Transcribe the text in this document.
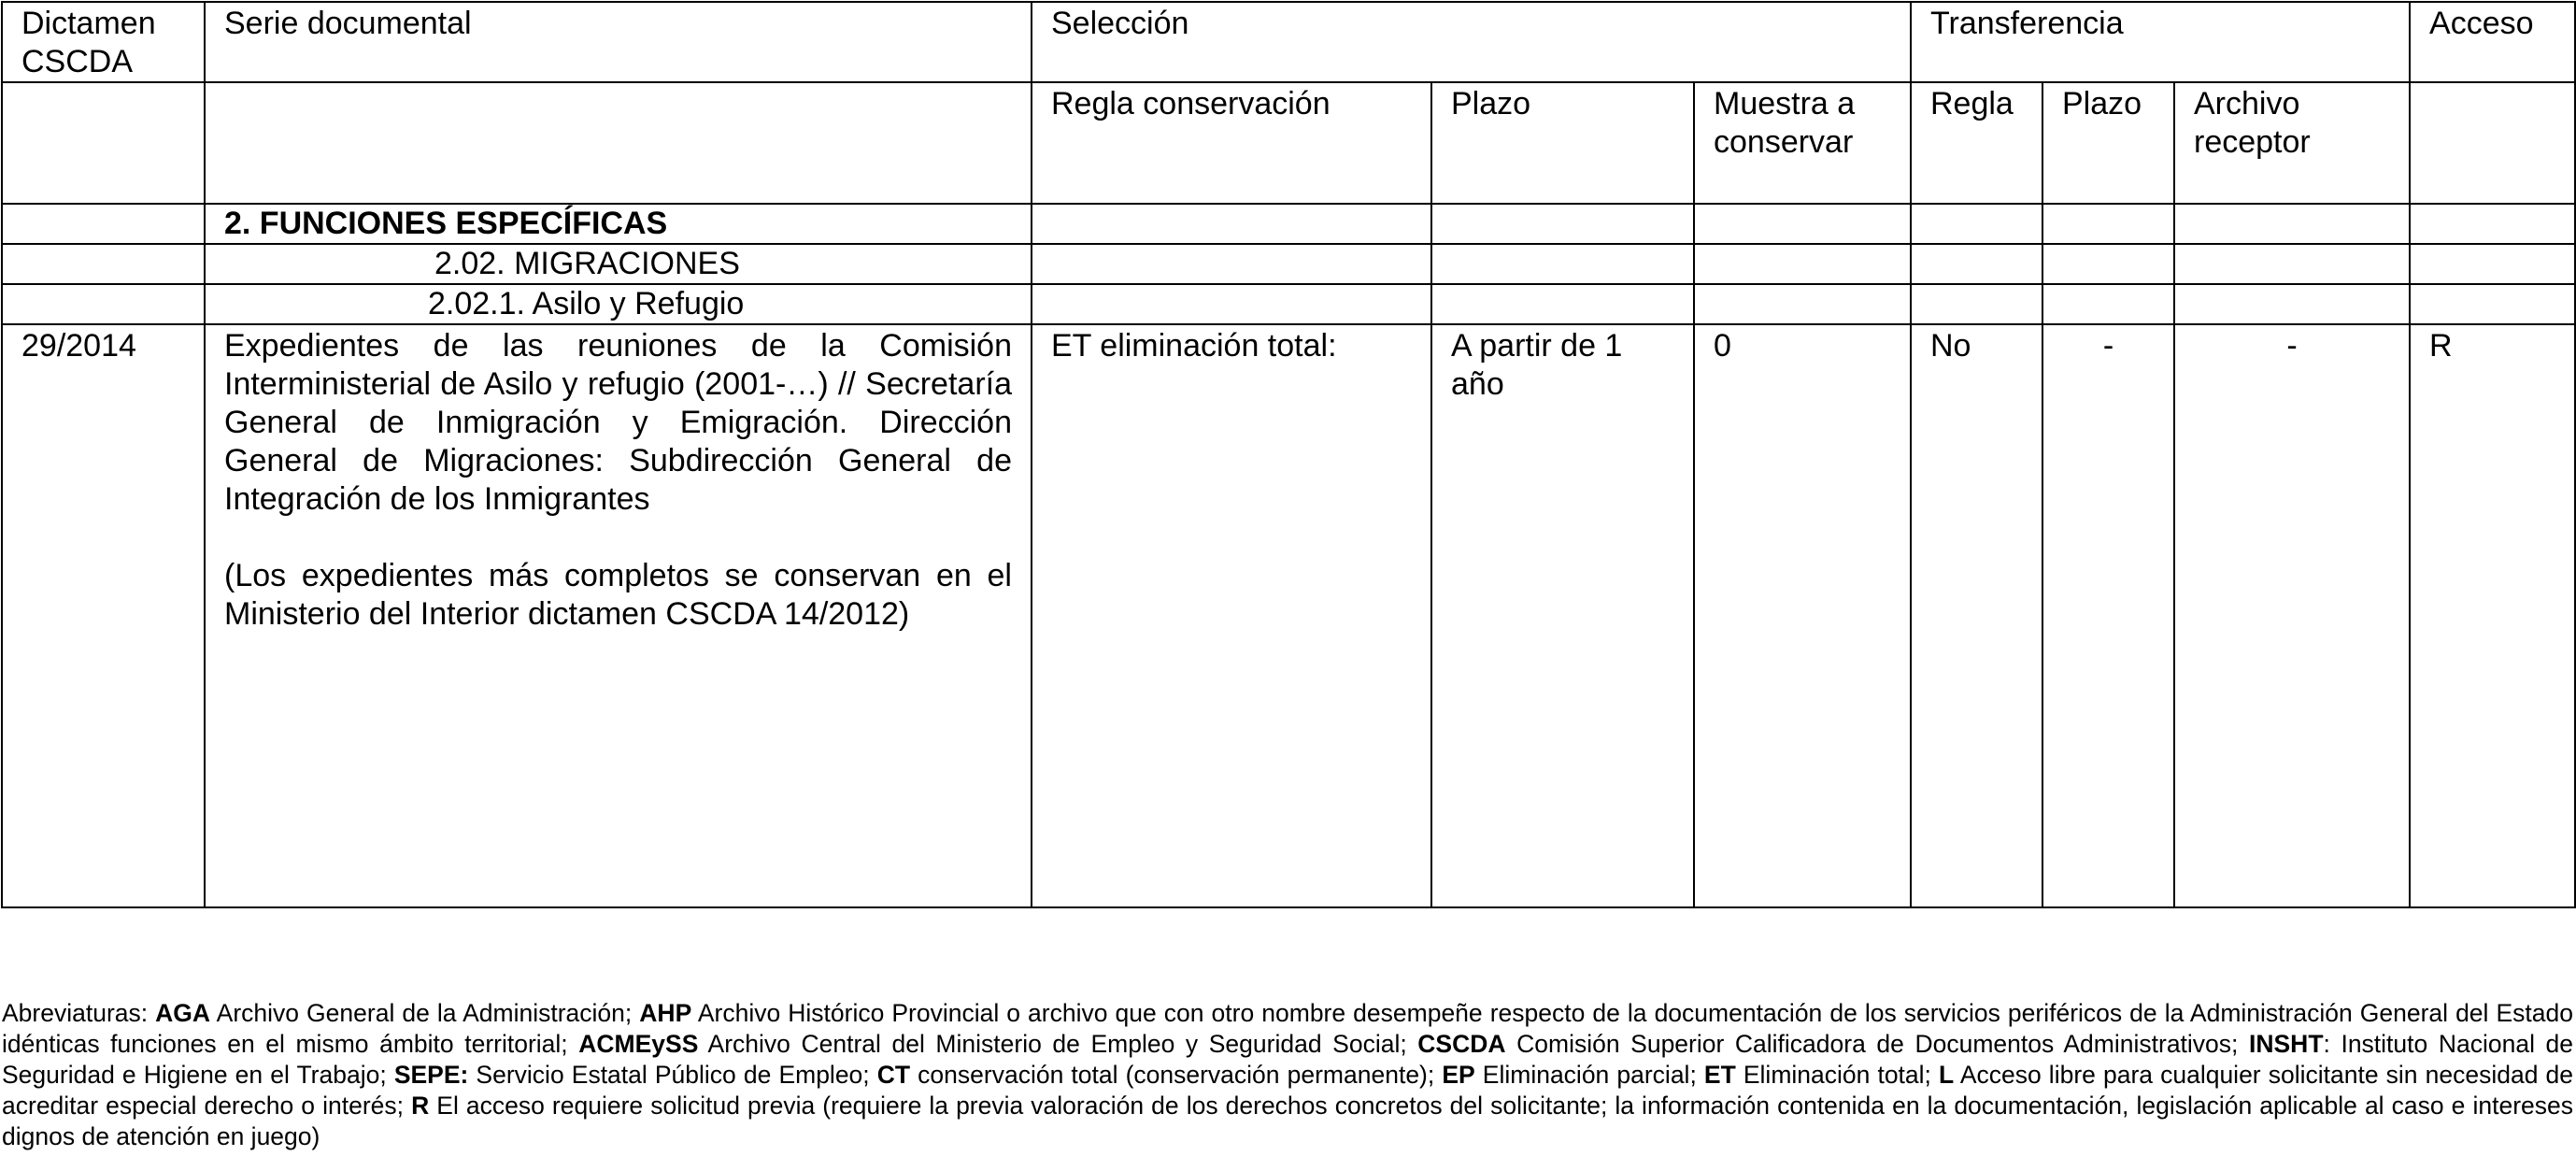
Dictamen CSCDA	Serie documental	Selección			Transferencia			Acceso
		Regla conservación	Plazo	Muestra a conservar	Regla	Plazo	Archivo receptor	
	2. FUNCIONES ESPECÍFICAS							
	2.02. MIGRACIONES							
	2.02.1. Asilo y Refugio							
29/2014	Expedientes de las reuniones de la Comisión Interministerial de Asilo y refugio (2001-…) // Secretaría General de Inmigración y Emigración. Dirección General de Migraciones: Subdirección General de Integración de los Inmigrantes
(Los expedientes más completos se conservan en el Ministerio del Interior dictamen CSCDA 14/2012)	ET eliminación total:	A partir de 1 año	0	No	-	-	R
Abreviaturas: AGA Archivo General de la Administración; AHP Archivo Histórico Provincial o archivo que con otro nombre desempeñe respecto de la documentación de los servicios periféricos de la Administración General del Estado idénticas funciones en el mismo ámbito territorial; ACMEySS Archivo Central del Ministerio de Empleo y Seguridad Social; CSCDA Comisión Superior Calificadora de Documentos Administrativos; INSHT: Instituto Nacional de Seguridad e Higiene en el Trabajo; SEPE: Servicio Estatal Público de Empleo; CT conservación total (conservación permanente); EP Eliminación parcial; ET Eliminación total; L Acceso libre para cualquier solicitante sin necesidad de acreditar especial derecho o interés; R El acceso requiere solicitud previa (requiere la previa valoración de los derechos concretos del solicitante; la información contenida en la documentación, legislación aplicable al caso e intereses dignos de atención en juego)
